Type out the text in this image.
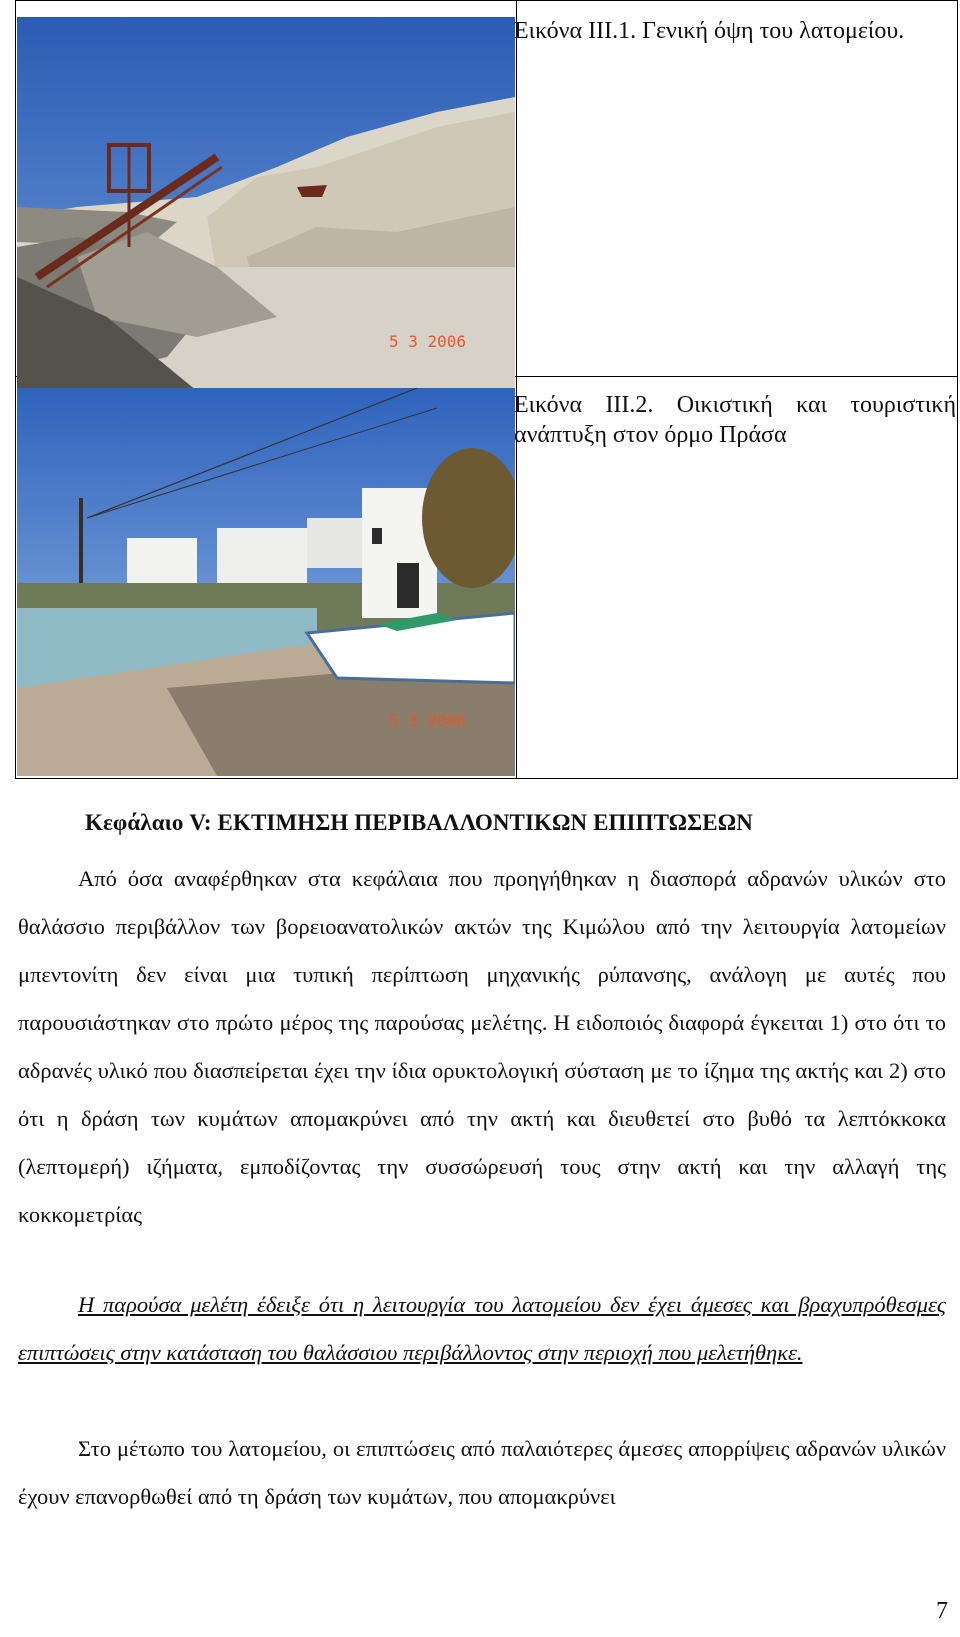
5 3 2006
5 3 2006
Εικόνα ΙΙΙ.1. Γενική όψη του λατομείου.
Εικόνα ΙΙΙ.2. Οικιστική και τουριστική ανάπτυξη στον όρμο Πράσα
Κεφάλαιο V: ΕΚΤΙΜΗΣΗ ΠΕΡΙΒΑΛΛΟΝΤΙΚΩΝ ΕΠΙΠΤΩΣΕΩΝ

Από όσα αναφέρθηκαν στα κεφάλαια που προηγήθηκαν η διασπορά αδρανών υλικών στο θαλάσσιο περιβάλλον των βορειοανατολικών ακτών της Κιμώλου από την λειτουργία λατομείων μπεντονίτη δεν είναι μια τυπική περίπτωση μηχανικής ρύπανσης, ανάλογη με αυτές που παρουσιάστηκαν στο πρώτο μέρος της παρούσας μελέτης. Η ειδοποιός διαφορά έγκειται 1) στο ότι το αδρανές υλικό που διασπείρεται έχει την ίδια ορυκτολογική σύσταση με το ίζημα της ακτής και 2) στο ότι η δράση των κυμάτων απομακρύνει από την ακτή και διευθετεί στο βυθό τα λεπτόκκοκα (λεπτομερή) ιζήματα, εμποδίζοντας την συσσώρευσή τους στην ακτή και την αλλαγή της κοκκομετρίας

Η παρούσα μελέτη έδειξε ότι η λειτουργία του λατομείου δεν έχει άμεσες και βραχυπρόθεσμες επιπτώσεις στην κατάσταση του θαλάσσιου περιβάλλοντος στην περιοχή που μελετήθηκε.

Στο μέτωπο του λατομείου, οι επιπτώσεις από παλαιότερες άμεσες απορρίψεις αδρανών υλικών έχουν επανορθωθεί από τη δράση των κυμάτων, που απομακρύνει

7
